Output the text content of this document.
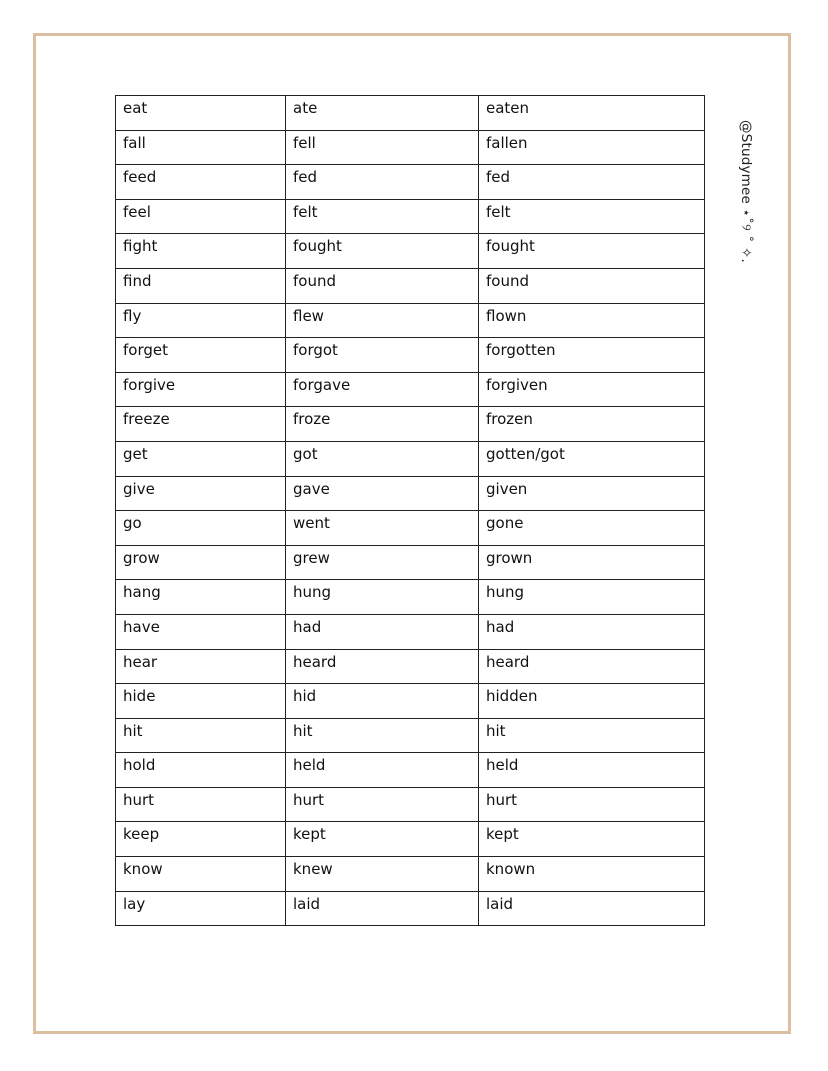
eat	ate	eaten
fall	fell	fallen
feed	fed	fed
feel	felt	felt
fight	fought	fought
find	found	found
fly	flew	flown
forget	forgot	forgotten
forgive	forgave	forgiven
freeze	froze	frozen
get	got	gotten/got
give	gave	given
go	went	gone
grow	grew	grown
hang	hung	hung
have	had	had
hear	heard	heard
hide	hid	hidden
hit	hit	hit
hold	held	held
hurt	hurt	hurt
keep	kept	kept
know	knew	known
lay	laid	laid
@Studymee ⋆˚୨ ˚ ✧.
